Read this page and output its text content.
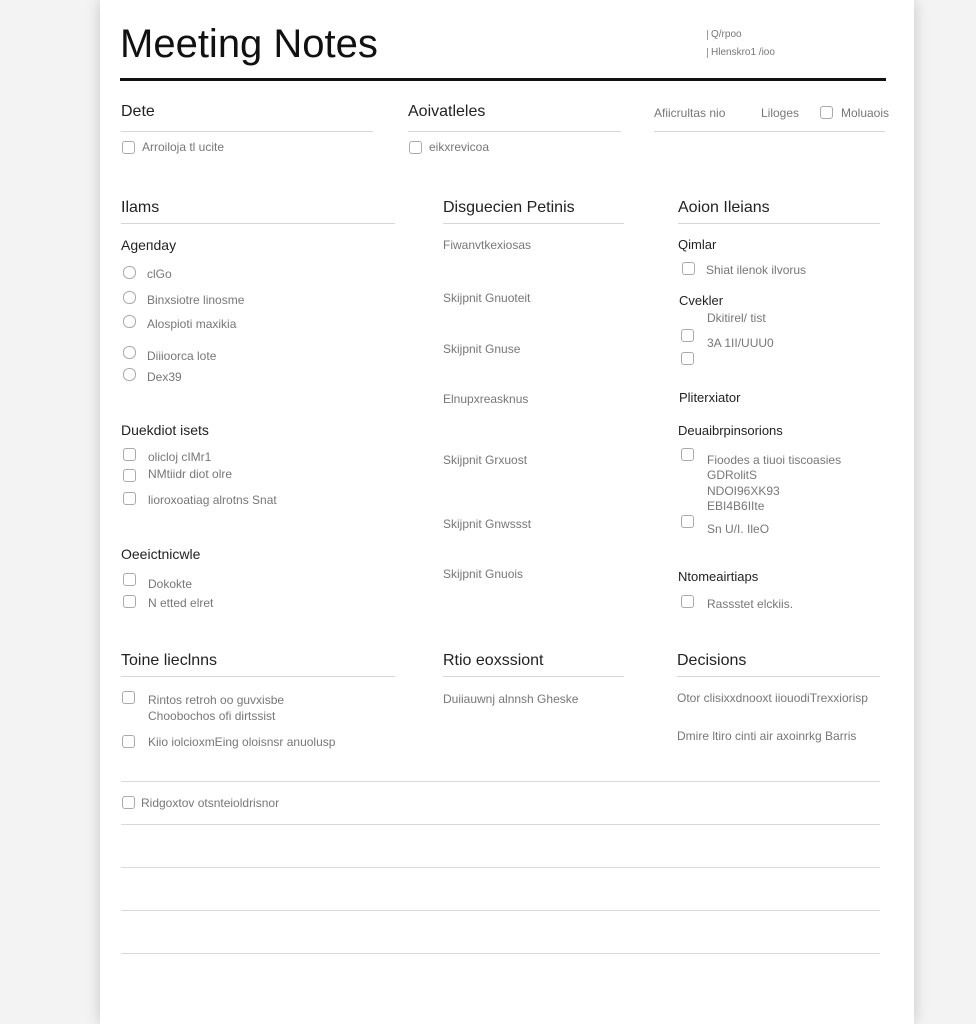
Meeting Notes	Q/rpoo
Hlenskro1 /ioo
Dete
Arroiloja tl ucite
Aoivatleles
eikxrevicoa
Afiicrultas nio	Liloges	Moluaois
Ilams
Ageпday
clGo
Binxsiotre linosme
Alospioti maxikia
Diiioorca lote
Dex39
Duekdiot isets
olicloj cIMr1
NMtiidr diot olre
lioroxoatiag alrotns Snat
Oeeictnicwle
Dokokte
N etted elret
Disguecien Petinis
Fiwanvtkexiosas
Skijpnit Gnuoteit
Skijpnit Gnuse
Elnupxreasknus
Skijpnit Grxuost
Skijpnit Gnwssst
Skijpnit Gnuois
Aoion Ileians
Qimlar
Shiat ilenok ilvorus
Cvekler
Dkitirel/ tist
3A 1II/UUU0
Pliterxiator
Deuaibrpinsorions
Fioodes a tiuoi tiscoasies
GDRolitS
NDOI96XK93
EBI4B6IIte
Sn U/I. IleO
Ntomeairtiaps
Rassstet elckiis.
Toine lieclnns
Rintos retroh oo guvxisbe
Choobochos ofi dirtssist
Kiio iolcioxmEing oloisnsr anuolusp
Rtio eoxssiont
Duiiauwnj alnnsh Gheske
Decisions
Otor clisixxdnooxt iiouodiTrexxiorisp
Dmire ltiro cinti air axoinrkg Barris
Ridgoxtov otsnteioldrisnor
